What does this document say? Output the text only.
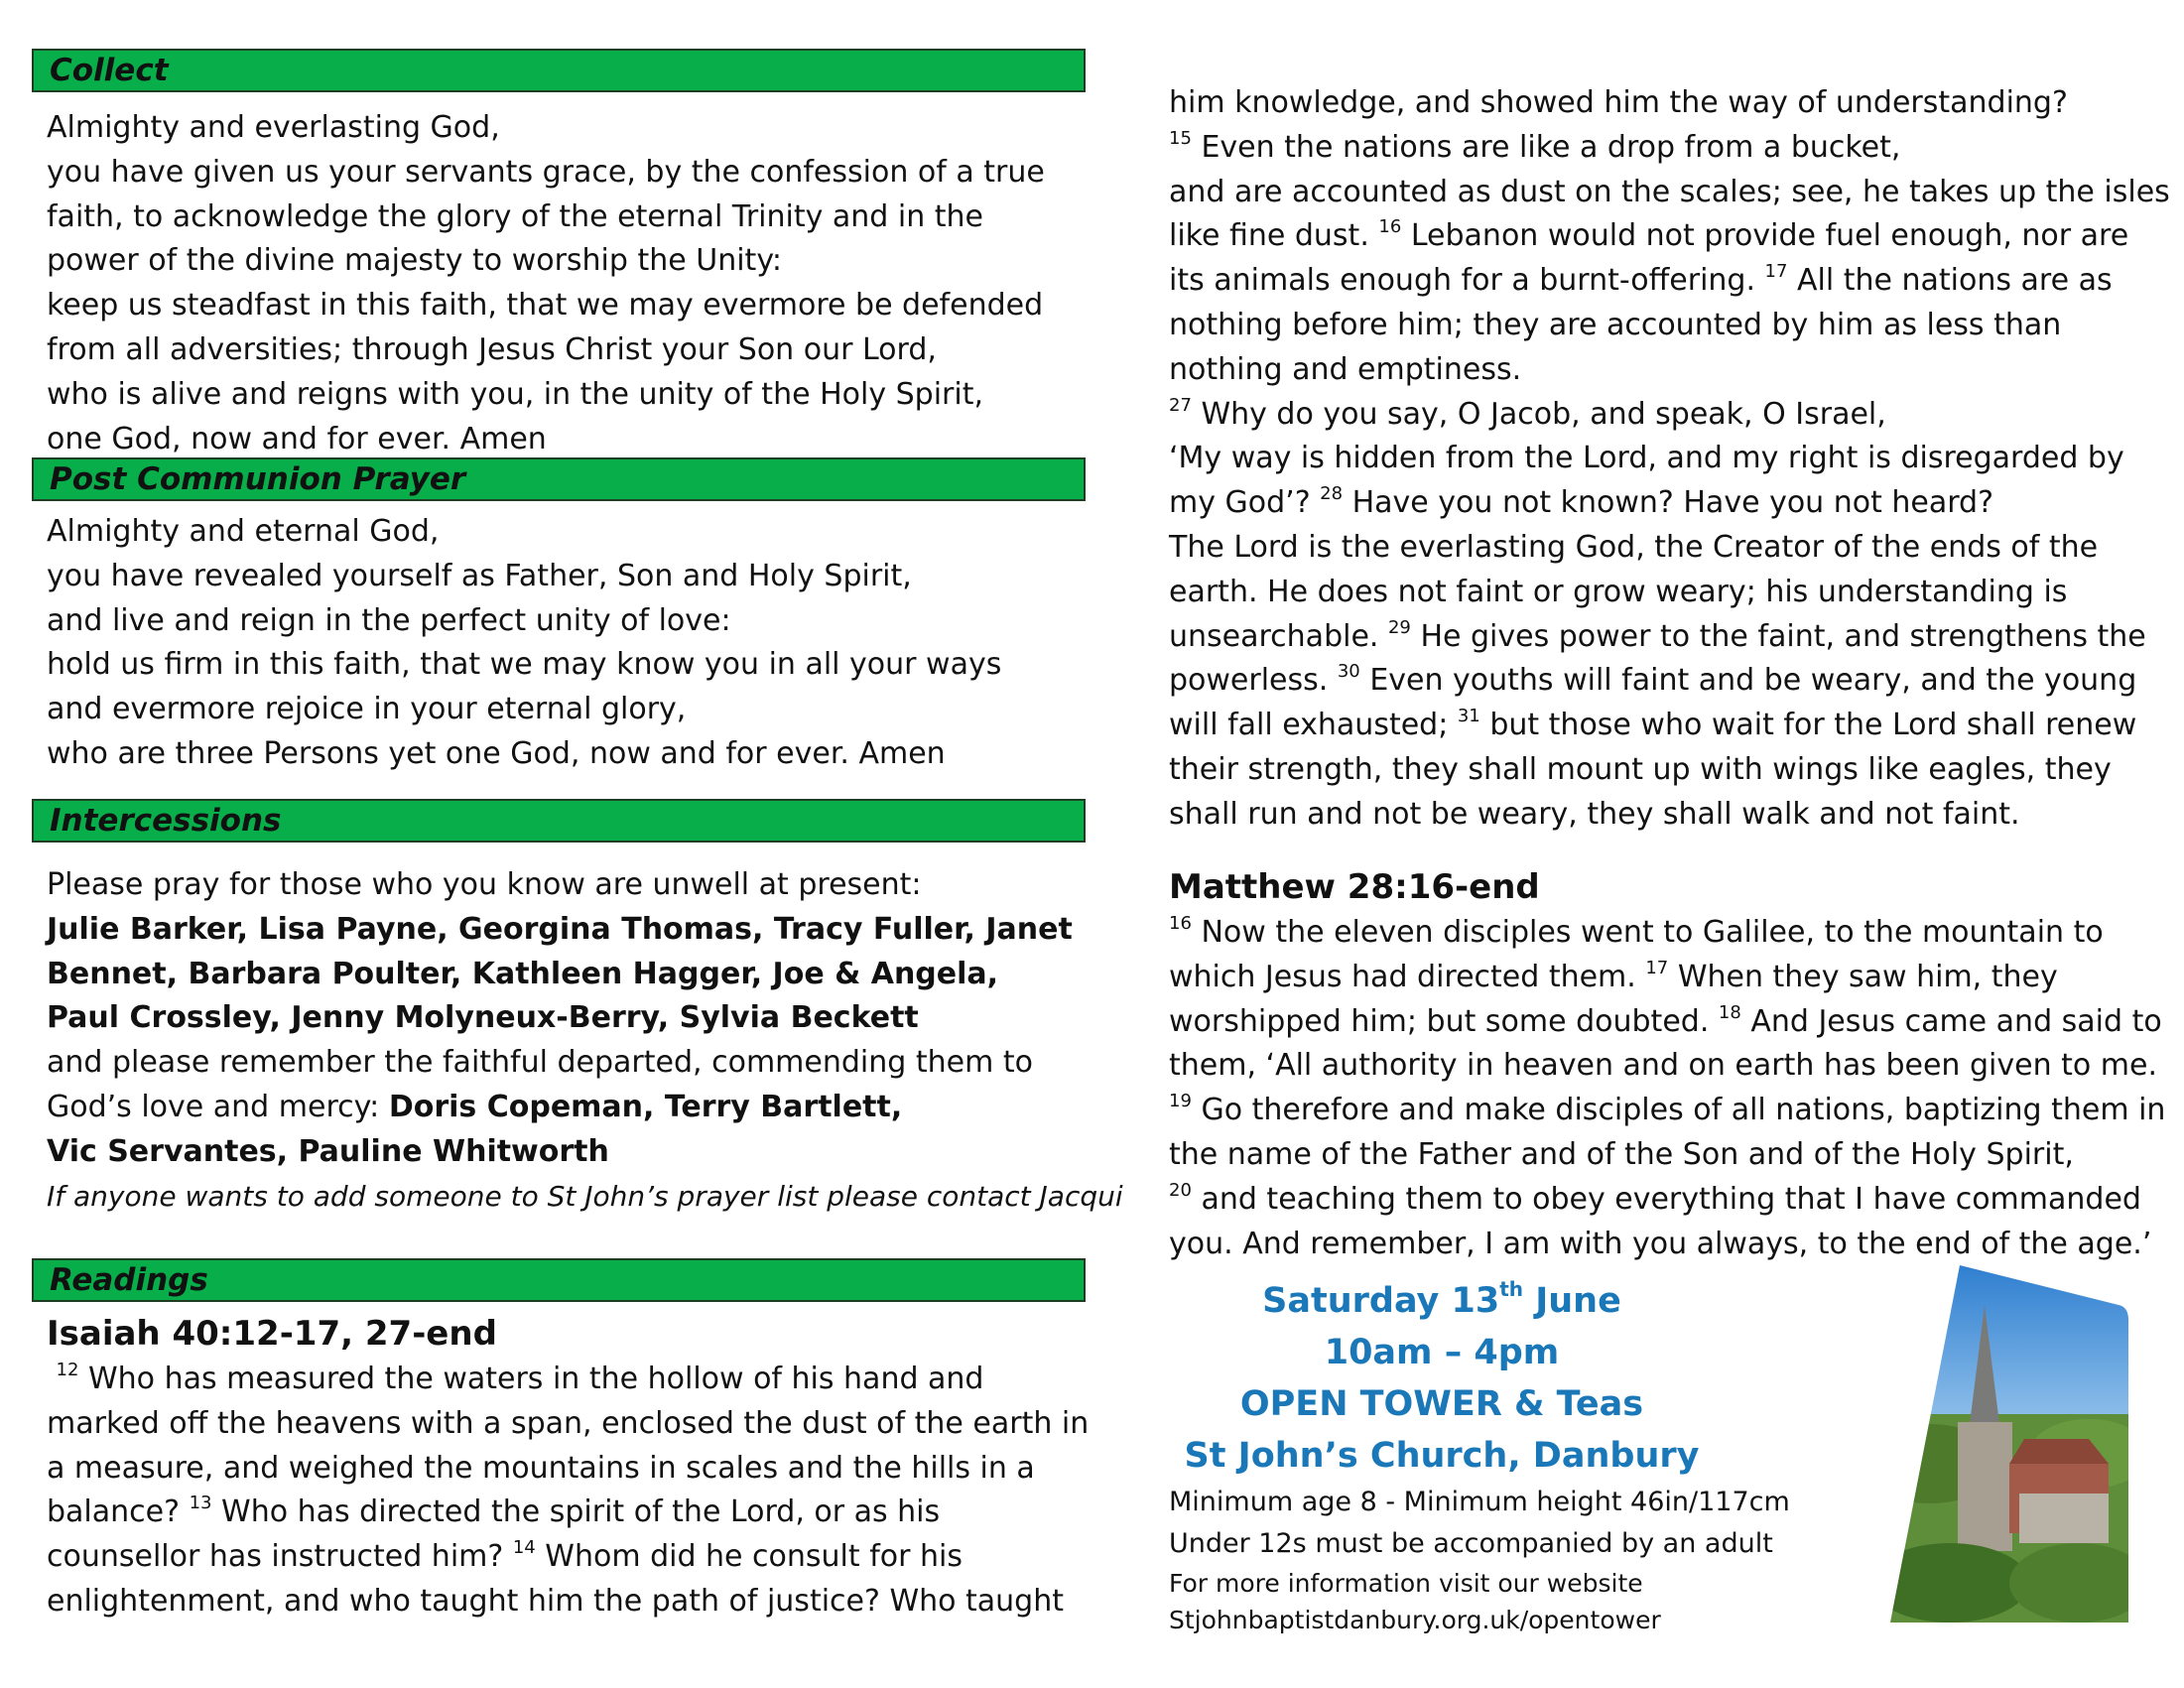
Collect
Almighty and everlasting God,
you have given us your servants grace, by the confession of a true
faith, to acknowledge the glory of the eternal Trinity and in the
power of the divine majesty to worship the Unity:
keep us steadfast in this faith, that we may evermore be defended
from all adversities; through Jesus Christ your Son our Lord,
who is alive and reigns with you, in the unity of the Holy Spirit,
one God, now and for ever. Amen
Post Communion Prayer
Almighty and eternal God,
you have revealed yourself as Father, Son and Holy Spirit,
and live and reign in the perfect unity of love:
hold us firm in this faith, that we may know you in all your ways
and evermore rejoice in your eternal glory,
who are three Persons yet one God, now and for ever. Amen
Intercessions
Please pray for those who you know are unwell at present:
Julie Barker, Lisa Payne, Georgina Thomas, Tracy Fuller, Janet
Bennet, Barbara Poulter, Kathleen Hagger, Joe & Angela,
Paul Crossley, Jenny Molyneux-Berry, Sylvia Beckett
and please remember the faithful departed, commending them to
God’s love and mercy: Doris Copeman, Terry Bartlett,
Vic Servantes, Pauline Whitworth
If anyone wants to add someone to St John’s prayer list please contact Jacqui
Readings
Isaiah 40:12-17, 27-end
$^{12}$ Who has measured the waters in the hollow of his hand and
marked off the heavens with a span, enclosed the dust of the earth in
a measure, and weighed the mountains in scales and the hills in a
balance? $^{13}$ Who has directed the spirit of the Lord, or as his
counsellor has instructed him? $^{14}$ Whom did he consult for his
enlightenment, and who taught him the path of justice? Who taught
him knowledge, and showed him the way of understanding?
$^{15}$ Even the nations are like a drop from a bucket,
and are accounted as dust on the scales; see, he takes up the isles
like fine dust. $^{16}$ Lebanon would not provide fuel enough, nor are
its animals enough for a burnt-offering. $^{17}$ All the nations are as
nothing before him; they are accounted by him as less than
nothing and emptiness.
$^{27}$ Why do you say, O Jacob, and speak, O Israel,
‘My way is hidden from the Lord, and my right is disregarded by
my God’? $^{28}$ Have you not known? Have you not heard?
The Lord is the everlasting God, the Creator of the ends of the
earth. He does not faint or grow weary; his understanding is
unsearchable. $^{29}$ He gives power to the faint, and strengthens the
powerless. $^{30}$ Even youths will faint and be weary, and the young
will fall exhausted; $^{31}$ but those who wait for the Lord shall renew
their strength, they shall mount up with wings like eagles, they
shall run and not be weary, they shall walk and not faint.
Matthew 28:16-end
$^{16}$ Now the eleven disciples went to Galilee, to the mountain to
which Jesus had directed them. $^{17}$ When they saw him, they
worshipped him; but some doubted. $^{18}$ And Jesus came and said to
them, ‘All authority in heaven and on earth has been given to me.
$^{19}$ Go therefore and make disciples of all nations, baptizing them in
the name of the Father and of the Son and of the Holy Spirit,
$^{20}$ and teaching them to obey everything that I have commanded
you. And remember, I am with you always, to the end of the age.’
Saturday 13th June
10am – 4pm
OPEN TOWER & Teas
St John’s Church, Danbury
Minimum age 8 - Minimum height 46in/117cm
Under 12s must be accompanied by an adult
For more information visit our website
Stjohnbaptistdanbury.org.uk/opentower
